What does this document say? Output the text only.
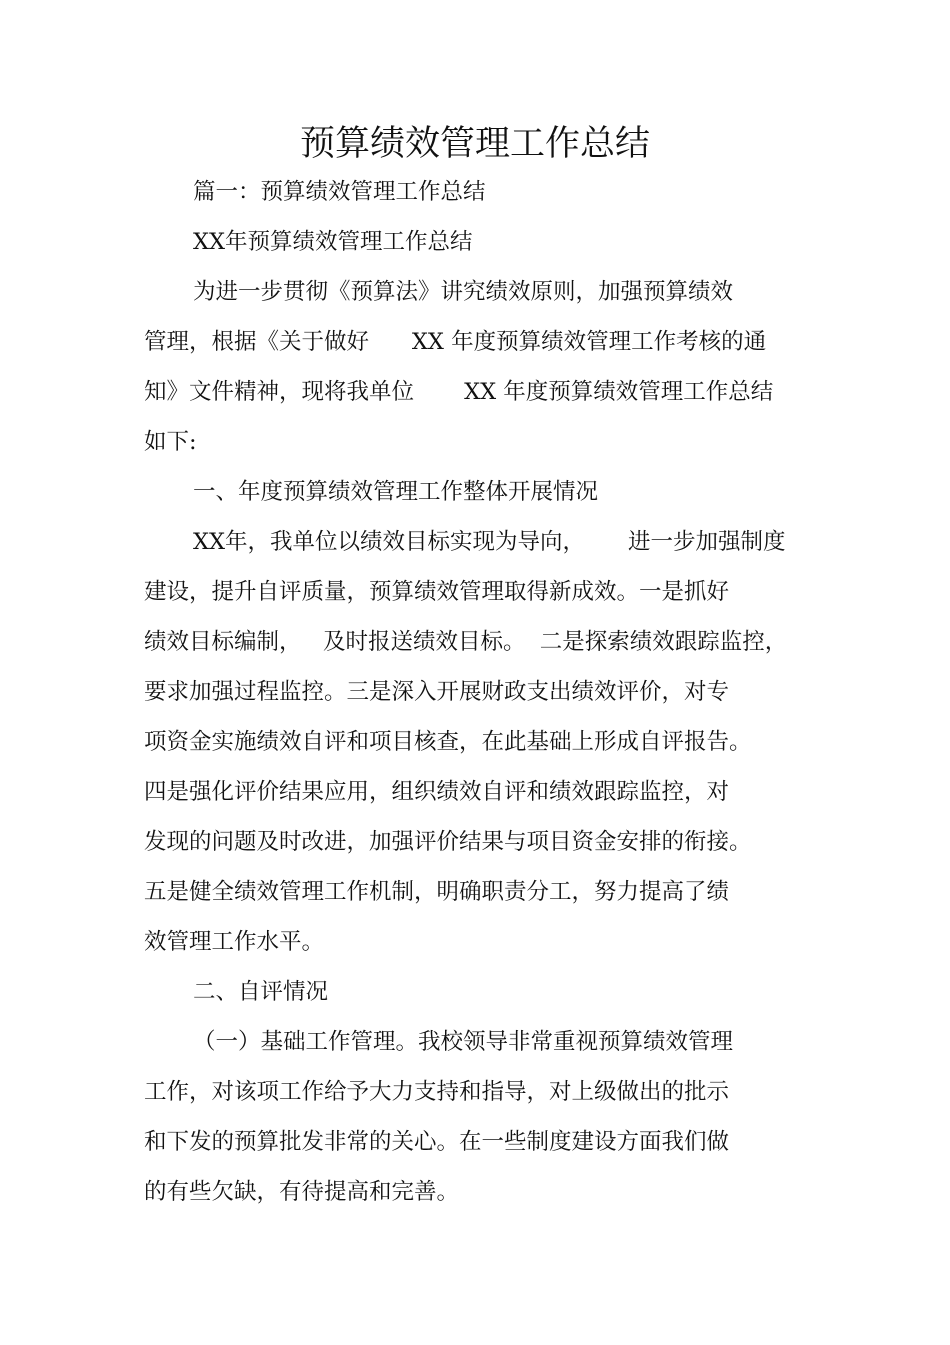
预算绩效管理工作总结
篇一：预算绩效管理工作总结
XX年预算绩效管理工作总结
为进一步贯彻《预算法》讲究绩效原则，加强预算绩效
管理，根据《关于做好      XX 年度预算绩效管理工作考核的通
知》文件精神，现将我单位       XX 年度预算绩效管理工作总结
如下:
一、年度预算绩效管理工作整体开展情况
XX年，我单位以绩效目标实现为导向，      进一步加强制度
建设，提升自评质量，预算绩效管理取得新成效。一是抓好
绩效目标编制，   及时报送绩效目标。  二是探索绩效跟踪监控，
要求加强过程监控。三是深入开展财政支出绩效评价，对专
项资金实施绩效自评和项目核查，在此基础上形成自评报告。
四是强化评价结果应用，组织绩效自评和绩效跟踪监控，对
发现的问题及时改进，加强评价结果与项目资金安排的衔接。
五是健全绩效管理工作机制，明确职责分工，努力提高了绩
效管理工作水平。
二、自评情况
（一）基础工作管理。我校领导非常重视预算绩效管理
工作，对该项工作给予大力支持和指导，对上级做出的批示
和下发的预算批发非常的关心。在一些制度建设方面我们做
的有些欠缺，有待提高和完善。
